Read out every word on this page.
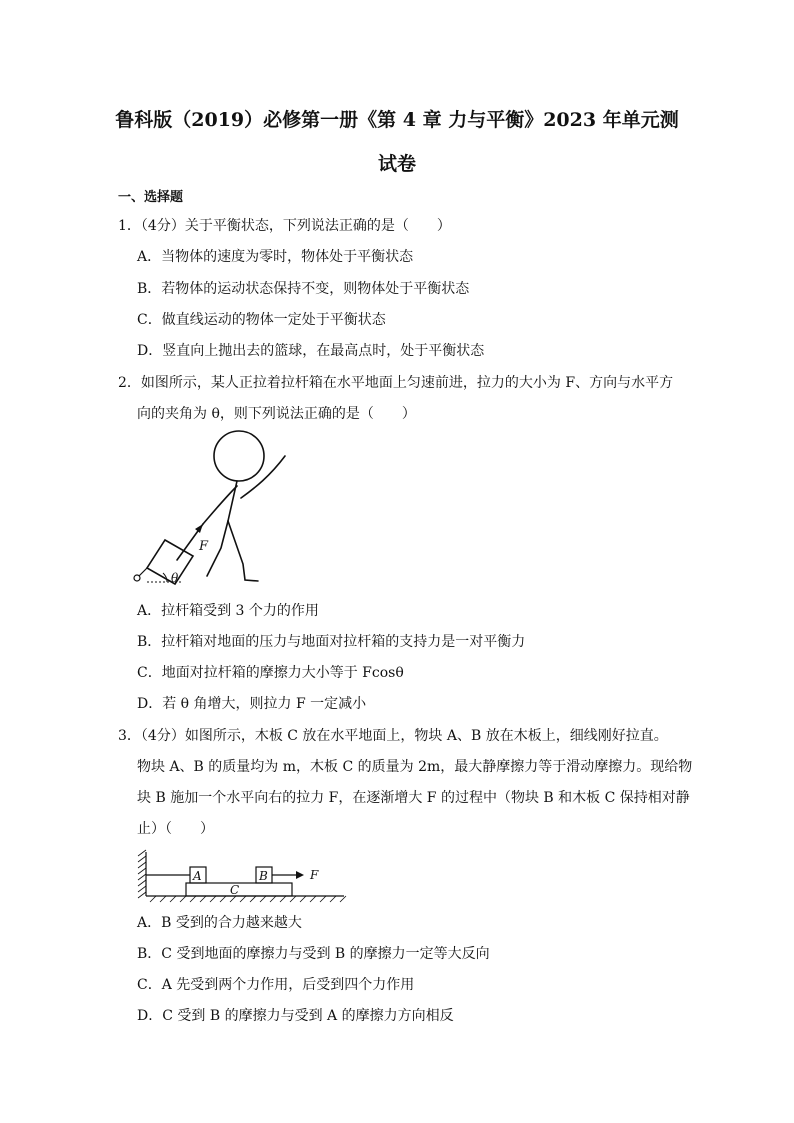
鲁科版（2019）必修第一册《第 4 章 力与平衡》2023 年单元测
试卷
一、选择题
1．（4分）关于平衡状态，下列说法正确的是（　　）
A．当物体的速度为零时，物体处于平衡状态
B．若物体的运动状态保持不变，则物体处于平衡状态
C．做直线运动的物体一定处于平衡状态
D．竖直向上抛出去的篮球，在最高点时，处于平衡状态
2．如图所示，某人正拉着拉杆箱在水平地面上匀速前进，拉力的大小为 F、方向与水平方
向的夹角为 θ，则下列说法正确的是（　　）
F
θ
A．拉杆箱受到 3 个力的作用
B．拉杆箱对地面的压力与地面对拉杆箱的支持力是一对平衡力
C．地面对拉杆箱的摩擦力大小等于 Fcosθ
D．若 θ 角增大，则拉力 F 一定减小
3．（4分）如图所示，木板 C 放在水平地面上，物块 A、B 放在木板上，细线刚好拉直。
物块 A、B 的质量均为 m，木板 C 的质量为 2m，最大静摩擦力等于滑动摩擦力。现给物
块 B 施加一个水平向右的拉力 F，在逐渐增大 F 的过程中（物块 B 和木板 C 保持相对静
止）（　　）
A	B
C
F
A．B 受到的合力越来越大
B．C 受到地面的摩擦力与受到 B 的摩擦力一定等大反向
C．A 先受到两个力作用，后受到四个力作用
D．C 受到 B 的摩擦力与受到 A 的摩擦力方向相反
